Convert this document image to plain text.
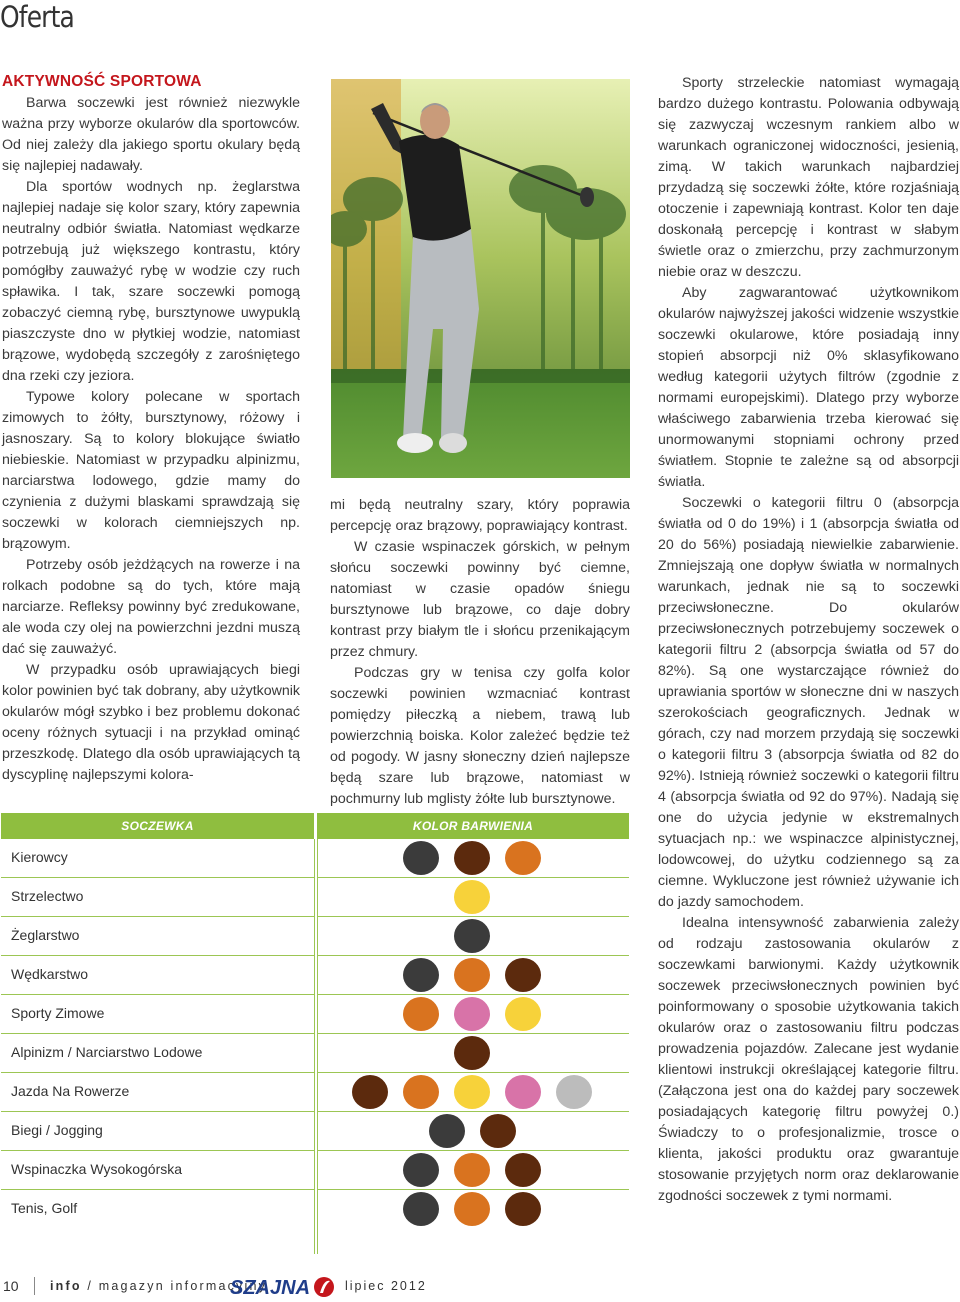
Oferta
AKTYWNOŚĆ SPORTOWA

Barwa soczewki jest również niezwykle ważna przy wyborze okularów dla sportowców. Od niej zależy dla jakiego sportu okulary będą się najlepiej nadawały.

Dla sportów wodnych np. żeglarstwa najlepiej nadaje się kolor szary, który zapewnia neutralny odbiór światła. Natomiast wędkarze potrzebują już większego kontrastu, który pomógłby zauważyć rybę w wodzie czy ruch spławika. I tak, szare soczewki pomogą zobaczyć ciemną rybę, bursztynowe uwypuklą piaszczyste dno w płytkiej wodzie, natomiast brązowe, wydobędą szczegóły z zarośniętego dna rzeki czy jeziora.

Typowe kolory polecane w sportach zimowych to żółty, bursztynowy, różowy i jasnoszary. Są to kolory blokujące światło niebieskie. Natomiast w przypadku alpinizmu, narciarstwa lodowego, gdzie mamy do czynienia z dużymi blaskami sprawdzają się soczewki w kolorach ciemniejszych np. brązowym.

Potrzeby osób jeżdżących na rowerze i na rolkach podobne są do tych, które mają narciarze. Refleksy powinny być zredukowane, ale woda czy olej na powierzchni jezdni muszą dać się zauważyć.

W przypadku osób uprawiających biegi kolor powinien być tak dobrany, aby użytkownik okularów mógł szybko i bez problemu dokonać oceny różnych sytuacji i na przykład ominąć przeszkodę. Dlatego dla osób uprawiających tą dyscyplinę najlepszymi kolora-

mi będą neutralny szary, który poprawia percepcję oraz brązowy, poprawiający kontrast.

W czasie wspinaczek górskich, w pełnym słońcu soczewki powinny być ciemne, natomiast w czasie opadów śniegu bursztynowe lub brązowe, co daje dobry kontrast przy białym tle i słońcu przenikającym przez chmury.

Podczas gry w tenisa czy golfa kolor soczewki powinien wzmacniać kontrast pomiędzy piłeczką a niebem, trawą lub powierzchnią boiska. Kolor zależeć będzie też od pogody. W jasny słoneczny dzień najlepsze będą szare lub brązowe, natomiast w pochmurny lub mglisty żółte lub bursztynowe.

Sporty strzeleckie natomiast wymagają bardzo dużego kontrastu. Polowania odbywają się zazwyczaj wczesnym rankiem albo w warunkach ograniczonej widoczności, jesienią, zimą. W takich warunkach najbardziej przydadzą się soczewki żółte, które rozjaśniają otoczenie i zapewniają kontrast. Kolor ten daje doskonałą percepcję i kontrast w słabym świetle oraz o zmierzchu, przy zachmurzonym niebie oraz w deszczu.

Aby zagwarantować użytkownikom okularów najwyższej jakości widzenie wszystkie soczewki okularowe, które posiadają inny stopień absorpcji niż 0% sklasyfikowano według kategorii użytych filtrów (zgodnie z normami europejskimi). Dlatego przy wyborze właściwego zabarwienia trzeba kierować się unormowanymi stopniami ochrony przed światłem. Stopnie te zależne są od absorpcji światła.

Soczewki o kategorii filtru 0 (absorpcja światła od 0 do 19%) i 1 (absorpcja światła od 20 do 56%) posiadają niewielkie zabarwienie. Zmniejszają one dopływ światła w normalnych warunkach, jednak nie są to soczewki przeciwsłoneczne. Do okularów przeciwsłonecznych potrzebujemy soczewek o kategorii filtru 2 (absorpcja światła od 57 do 82%). Są one wystarczające również do uprawiania sportów w słoneczne dni w naszych szerokościach geograficznych. Jednak w górach, czy nad morzem przydają się soczewki o kategorii filtru 3 (absorpcja światła od 82 do 92%). Istnieją również soczewki o kategorii filtru 4 (absorpcja światła od 92 do 97%). Nadają się one do użycia jedynie w ekstremalnych sytuacjach np.: we wspinaczce alpinistycznej, lodowcowej, do użytku codziennego są za ciemne. Wykluczone jest również używanie ich do jazdy samochodem.

Idealna intensywność zabarwienia zależy od rodzaju zastosowania okularów z soczewkami barwionymi. Każdy użytkownik soczewek przeciwsłonecznych powinien być poinformowany o sposobie użytkowania takich okularów oraz o zastosowaniu filtru podczas prowadzenia pojazdów. Zalecane jest wydanie klientowi instrukcji określającej kategorie filtru. (Załączona jest ona do każdej pary soczewek posiadających kategorię filtru powyżej 0.) Świadczy to o profesjonalizmie, trosce o klienta, jakości produktu oraz gwarantuje stosowanie przyjętych norm oraz deklarowanie zgodności soczewek z tymi normami.

SOCZEWKA	KOLOR BARWIENIA
Kierowcy
Strzelectwo
Żeglarstwo
Wędkarstwo
Sporty Zimowe
Alpinizm / Narciarstwo Lodowe
Jazda Na Rowerze
Biegi / Jogging
Wspinaczka Wysokogórska
Tenis, Golf
10	info / magazyn informacyjny
SZAJNA	lipiec 2012
